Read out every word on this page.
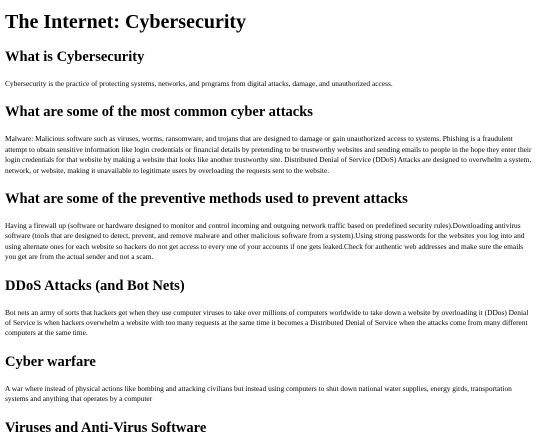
The Internet: Cybersecurity
What is Cybersecurity

Cybersecurity is the practice of protecting systems, networks, and programs from digital attacks, damage, and unauthorized access.

What are some of the most common cyber attacks

Malware: Malicious software such as viruses, worms, ransomware, and trojans that are designed to damage or gain unauthorized access to systems. Phishing is a fraudulent attempt to obtain sensitive information like login credentials or financial details by pretending to be trustworthy websites and sending emails to people in the hope they enter their login credentials for that website by making a website that looks like another trustworthy site. Distributed Denial of Service (DDoS) Attacks are designed to overwhelm a system, network, or website, making it unavailable to legitimate users by overloading the requests sent to the website.

What are some of the preventive methods used to prevent attacks

Having a firewall up (software or hardware designed to monitor and control incoming and outgoing network traffic based on predefined security rules).Downloading antivirus software (tools that are designed to detect, prevent, and remove malware and other malicious software from a system).Using strong passwords for the websites you log into and using alternate ones for each website so hackers do not get access to every one of your accounts if one gets leaked.Check for authentic web addresses and make sure the emails you get are from the actual sender and not a scam.

DDoS Attacks (and Bot Nets)

Bot nets an army of sorts that hackers get when they use computer viruses to take over millions of computers worldwide to take down a website by overloading it (DDos) Denial of Service is when hackers overwhelm a website with too many requests at the same time it becomes a Distributed Denial of Service when the attacks come from many different computers at the same time.

Cyber warfare

A war where instead of physical actions like bombing and attacking civilians but instead using computers to shut down national water supplies, energy girds, transportation systems and anything that operates by a computer

Viruses and Anti-Virus Software
